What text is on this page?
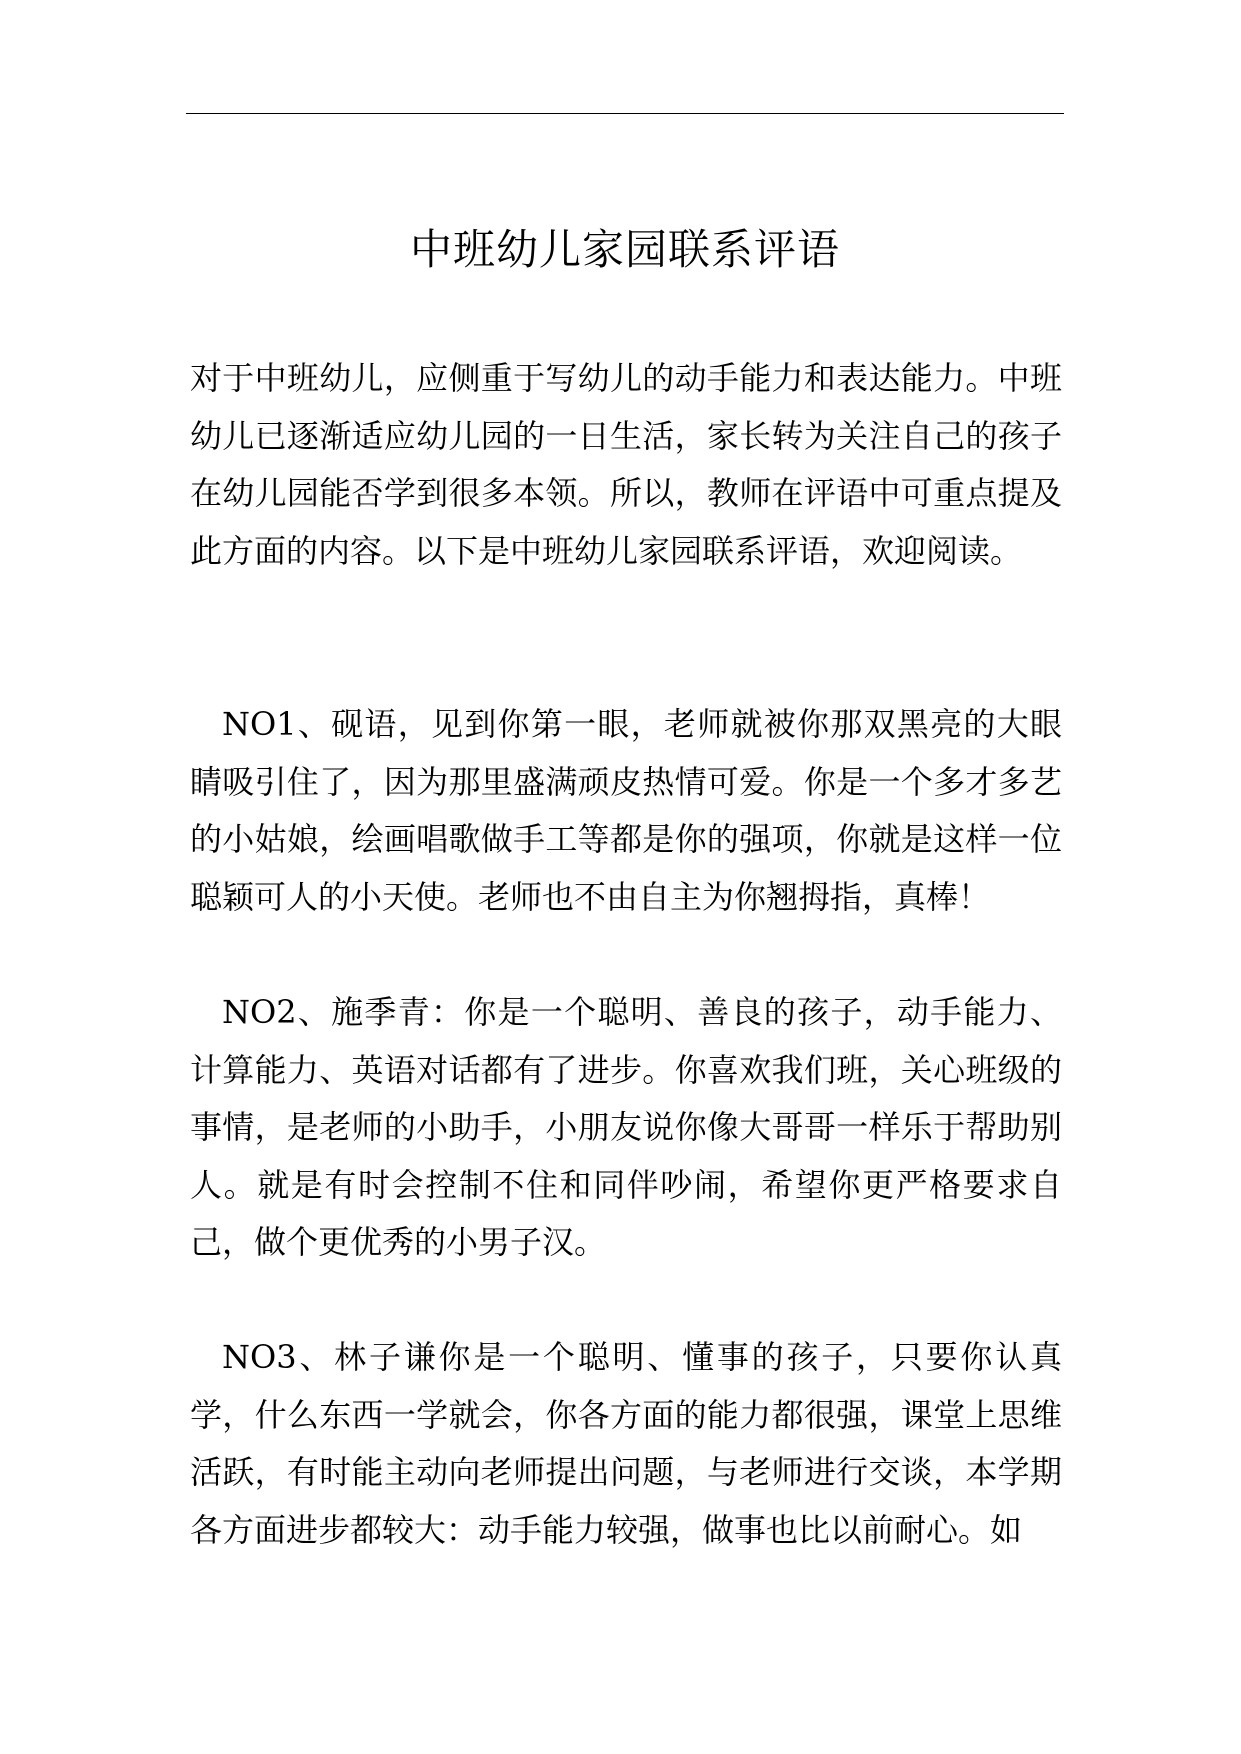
中班幼儿家园联系评语

对于中班幼儿，应侧重于写幼儿的动手能力和表达能力。中班幼儿已逐渐适应幼儿园的一日生活，家长转为关注自己的孩子在幼儿园能否学到很多本领。所以，教师在评语中可重点提及此方面的内容。以下是中班幼儿家园联系评语，欢迎阅读。

NO1、砚语，见到你第一眼，老师就被你那双黑亮的大眼睛吸引住了，因为那里盛满顽皮热情可爱。你是一个多才多艺的小姑娘，绘画唱歌做手工等都是你的强项，你就是这样一位聪颖可人的小天使。老师也不由自主为你翘拇指，真棒！

NO2、施季青：你是一个聪明、善良的孩子，动手能力、计算能力、英语对话都有了进步。你喜欢我们班，关心班级的事情，是老师的小助手，小朋友说你像大哥哥一样乐于帮助别人。就是有时会控制不住和同伴吵闹，希望你更严格要求自己，做个更优秀的小男子汉。

NO3、林子谦你是一个聪明、懂事的孩子，只要你认真学，什么东西一学就会，你各方面的能力都很强，课堂上思维活跃，有时能主动向老师提出问题，与老师进行交谈，本学期各方面进步都较大：动手能力较强，做事也比以前耐心。如
